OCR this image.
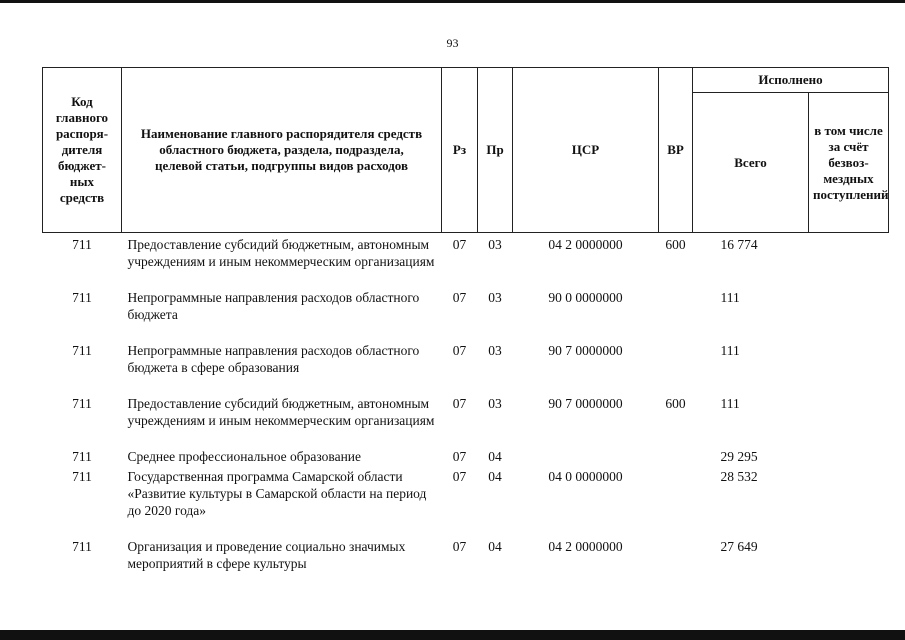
93
Код главного распоря-дителя бюджет-ных средств	Наименование главного распорядителя средств областного бюджета, раздела, подраздела, целевой статьи, подгруппы видов расходов	Рз	Пр	ЦСР	ВР	Исполнено	
						Всего	в том числе за счёт безвоз-мездных поступлений
711	Предоставление субсидий бюджетным, автономным учреждениям и иным некоммерческим организациям	07	03	04 2 0000000	600	16 774	
711	Непрограммные направления расходов областного бюджета	07	03	90 0 0000000		111	
711	Непрограммные направления расходов областного бюджета в сфере образования	07	03	90 7 0000000		111	
711	Предоставление субсидий бюджетным, автономным учреждениям и иным некоммерческим организациям	07	03	90 7 0000000	600	111	
711	Среднее профессиональное образование	07	04			29 295	
711	Государственная программа Самарской области «Развитие культуры в Самарской области на период до 2020 года»	07	04	04 0 0000000		28 532	
711	Организация и проведение социально значимых мероприятий в сфере культуры	07	04	04 2 0000000		27 649	
